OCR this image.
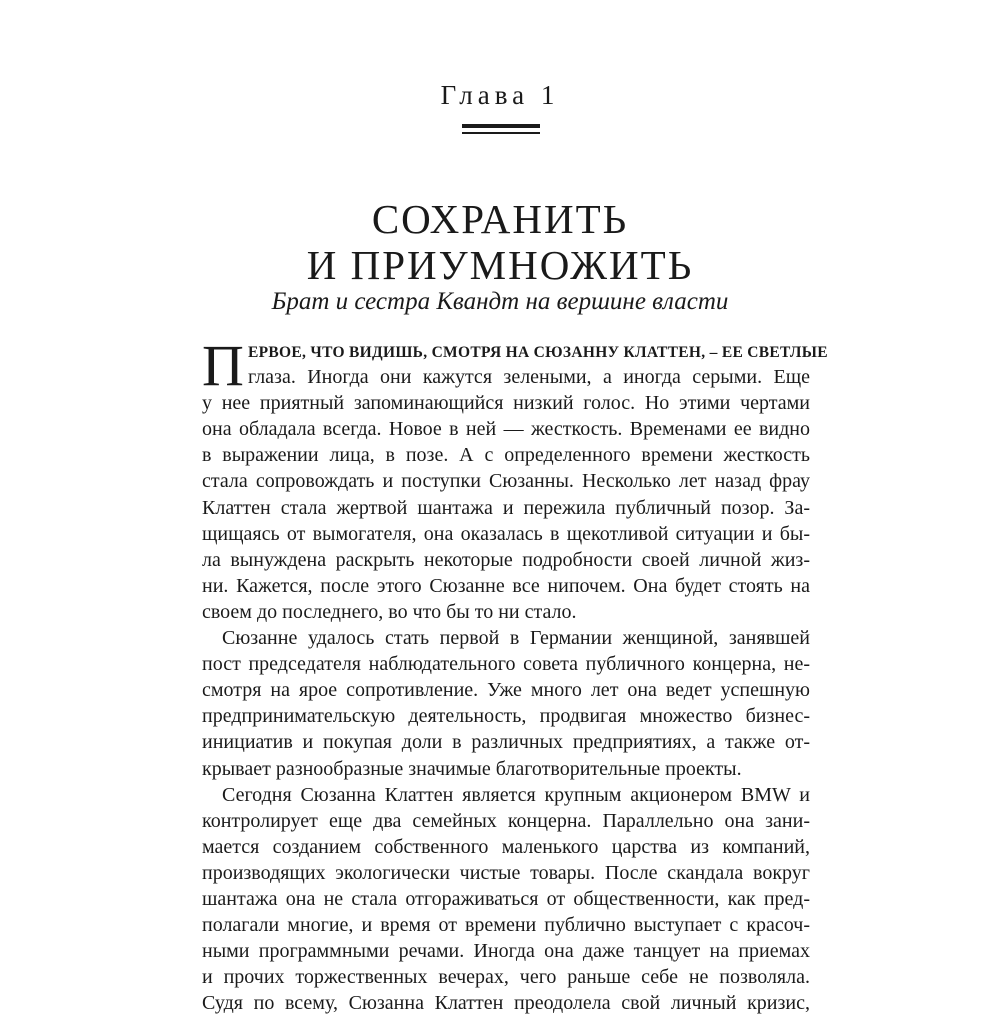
Глава 1
СОХРАНИТЬ
И ПРИУМНОЖИТЬ
Брат и сестра Квандт на вершине власти
П ЕРВОЕ, ЧТО ВИДИШЬ, СМОТРЯ НА СЮЗАННУ КЛАТТЕН, – ЕЕ СВЕТЛЫЕ
глаза. Иногда они кажутся зелеными, а иногда серыми. Еще
у нее приятный запоминающийся низкий голос. Но этими чертами
она обладала всегда. Новое в ней — жесткость. Временами ее видно
в выражении лица, в позе. А с определенного времени жесткость
стала сопровождать и поступки Сюзанны. Несколько лет назад фрау
Клаттен стала жертвой шантажа и пережила публичный позор. За-
щищаясь от вымогателя, она оказалась в щекотливой ситуации и бы-
ла вынуждена раскрыть некоторые подробности своей личной жиз-
ни. Кажется, после этого Сюзанне все нипочем. Она будет стоять на
своем до последнего, во что бы то ни стало.
Сюзанне удалось стать первой в Германии женщиной, занявшей
пост председателя наблюдательного совета публичного концерна, не-
смотря на ярое сопротивление. Уже много лет она ведет успешную
предпринимательскую деятельность, продвигая множество бизнес-
инициатив и покупая доли в различных предприятиях, а также от-
крывает разнообразные значимые благотворительные проекты.
Сегодня Сюзанна Клаттен является крупным акционером BMW и
контролирует еще два семейных концерна. Параллельно она зани-
мается созданием собственного маленького царства из компаний,
производящих экологически чистые товары. После скандала вокруг
шантажа она не стала отгораживаться от общественности, как пред-
полагали многие, и время от времени публично выступает с красоч-
ными программными речами. Иногда она даже танцует на приемах
и прочих торжественных вечерах, чего раньше себе не позволяла.
Судя по всему, Сюзанна Клаттен преодолела свой личный кризис,
